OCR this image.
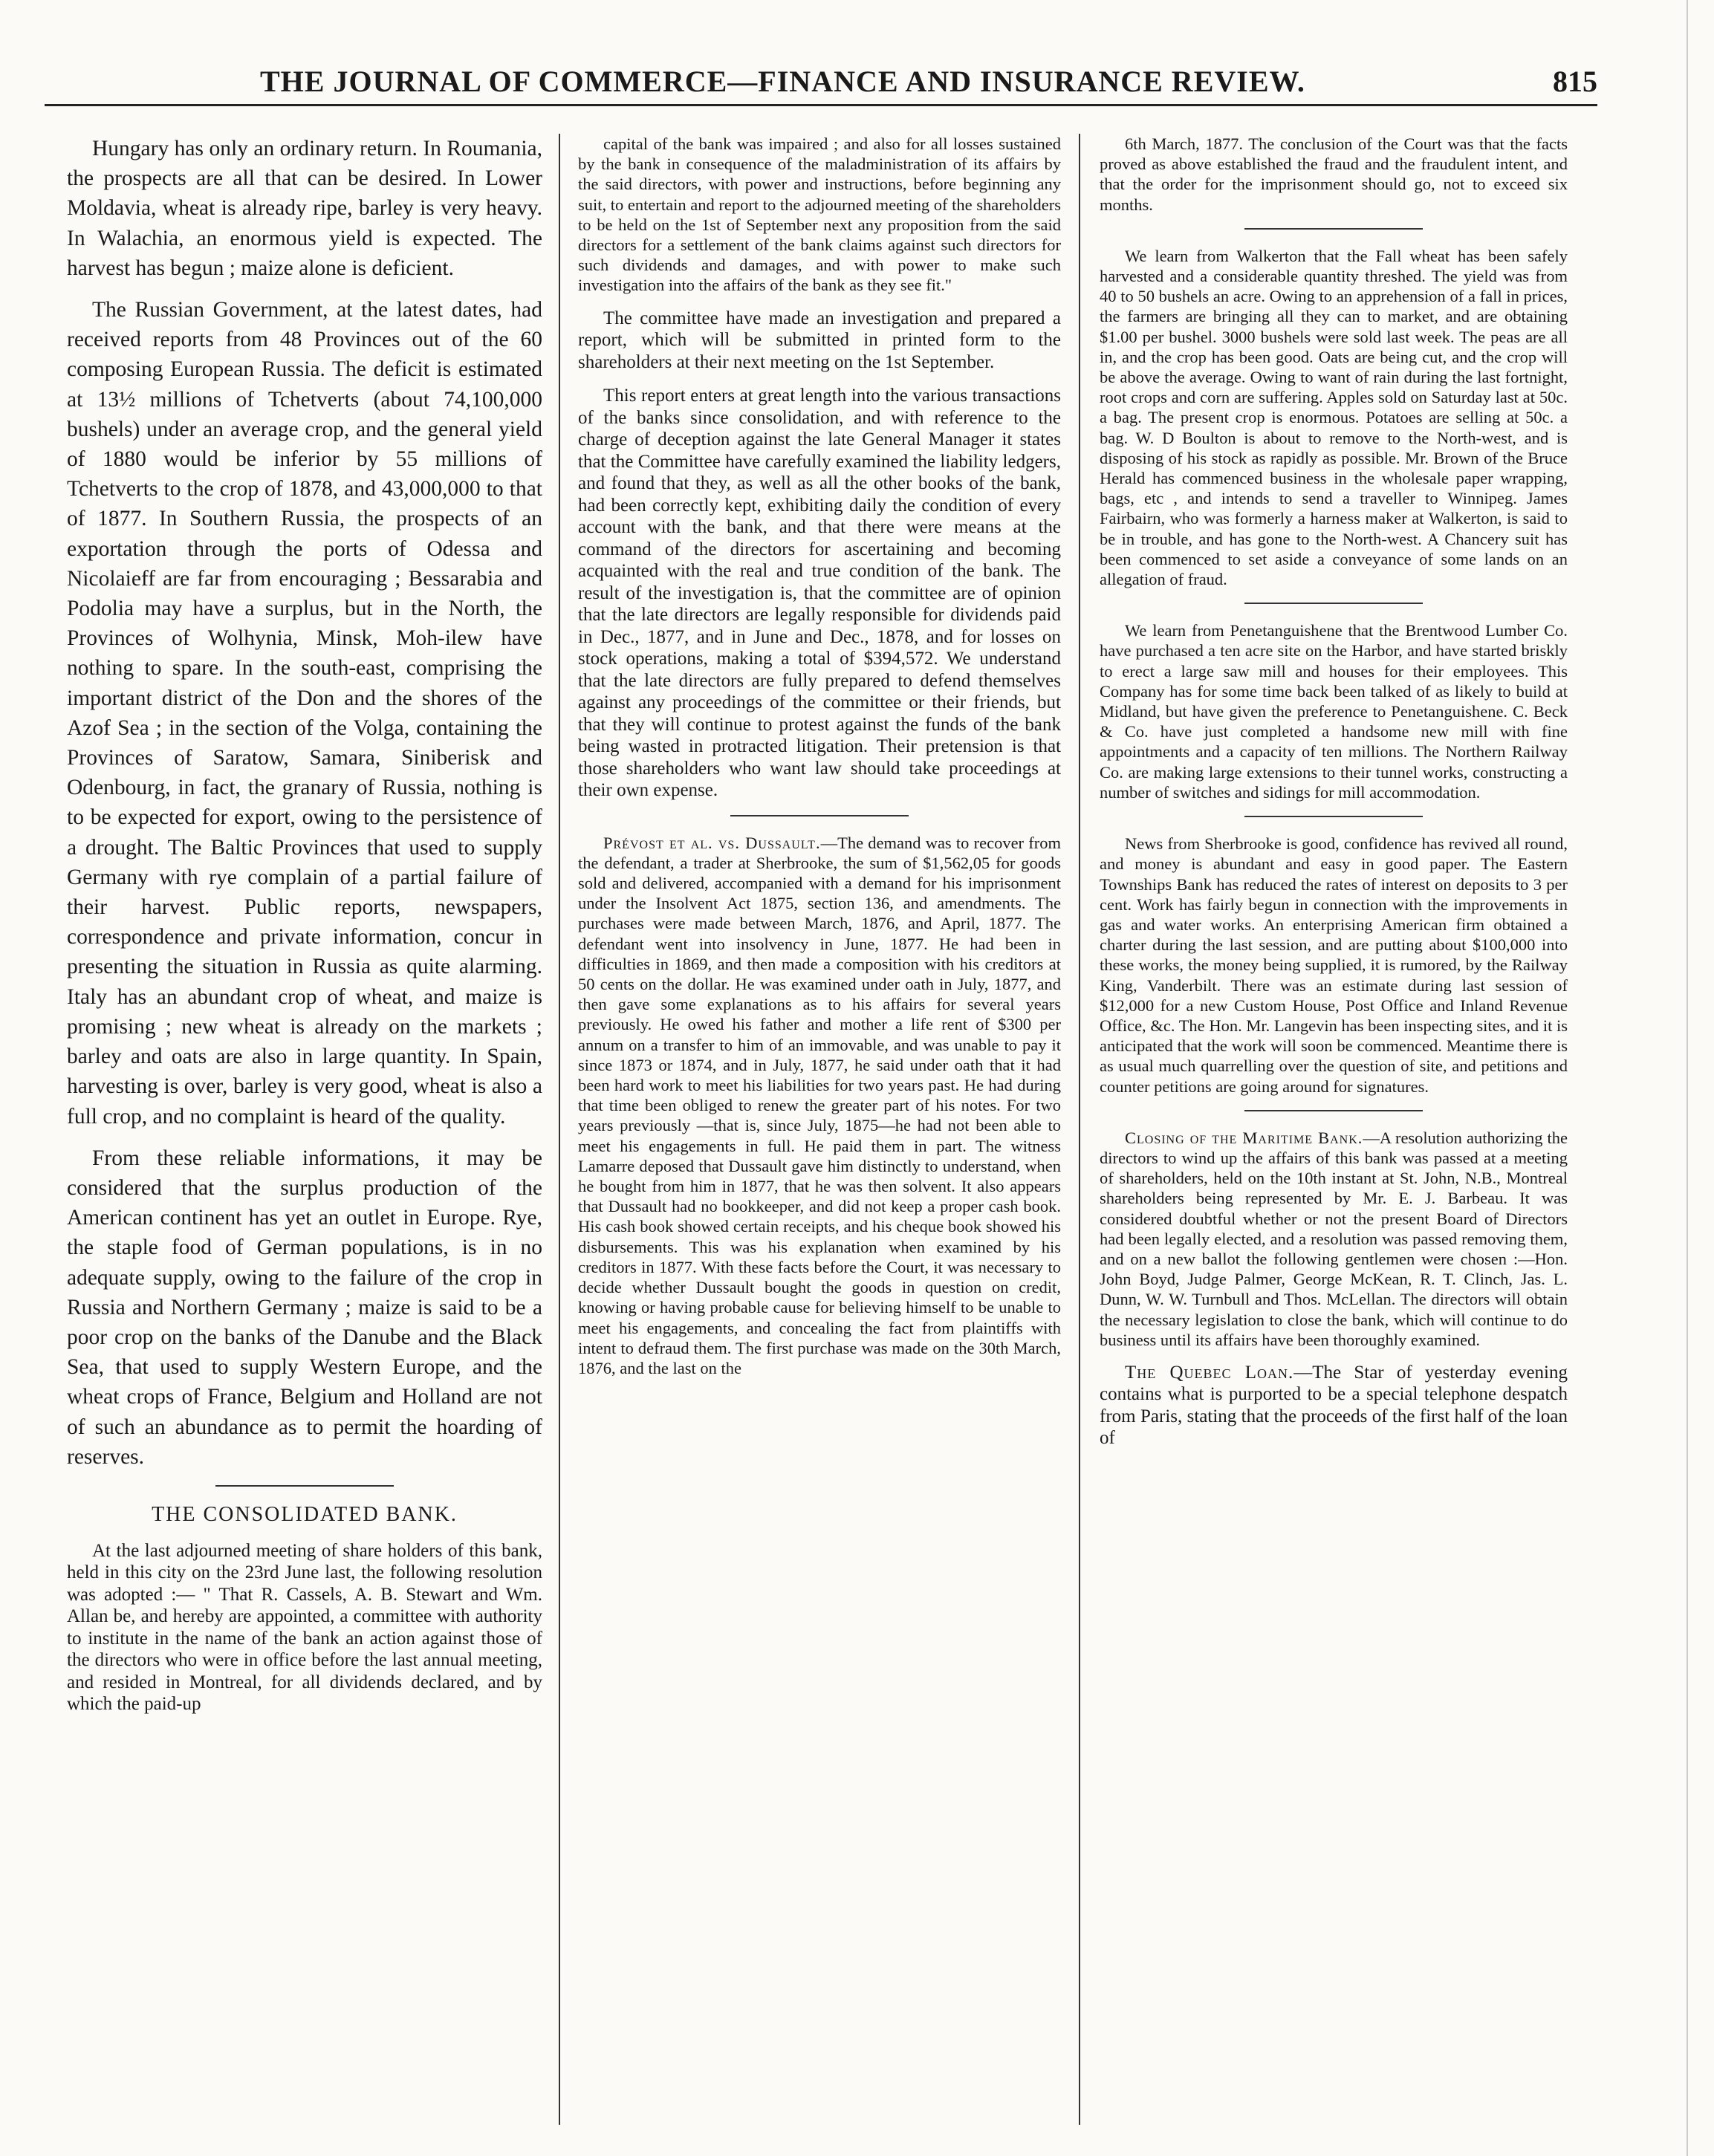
THE JOURNAL OF COMMERCE—FINANCE AND INSURANCE REVIEW.	815

Hungary has only an ordinary return. In Roumania, the prospects are all that can be desired. In Lower Moldavia, wheat is already ripe, barley is very heavy. In Walachia, an enormous yield is expected. The harvest has begun ; maize alone is deficient.

The Russian Government, at the latest dates, had received reports from 48 Provinces out of the 60 composing European Russia. The deficit is estimated at 13½ millions of Tchetverts (about 74,100,000 bushels) under an average crop, and the general yield of 1880 would be inferior by 55 millions of Tchetverts to the crop of 1878, and 43,000,000 to that of 1877. In Southern Russia, the prospects of an exportation through the ports of Odessa and Nicolaieff are far from encouraging ; Bessarabia and Podolia may have a surplus, but in the North, the Provinces of Wolhynia, Minsk, Moh-ilew have nothing to spare. In the south-east, comprising the important district of the Don and the shores of the Azof Sea ; in the section of the Volga, containing the Provinces of Saratow, Samara, Siniberisk and Odenbourg, in fact, the granary of Russia, nothing is to be expected for export, owing to the persistence of a drought. The Baltic Provinces that used to supply Germany with rye complain of a partial failure of their harvest. Public reports, newspapers, correspondence and private information, concur in presenting the situation in Russia as quite alarming. Italy has an abundant crop of wheat, and maize is promising ; new wheat is already on the markets ; barley and oats are also in large quantity. In Spain, harvesting is over, barley is very good, wheat is also a full crop, and no complaint is heard of the quality.

From these reliable informations, it may be considered that the surplus production of the American continent has yet an outlet in Europe. Rye, the staple food of German populations, is in no adequate supply, owing to the failure of the crop in Russia and Northern Germany ; maize is said to be a poor crop on the banks of the Danube and the Black Sea, that used to supply Western Europe, and the wheat crops of France, Belgium and Holland are not of such an abundance as to permit the hoarding of reserves.

THE CONSOLIDATED BANK.

At the last adjourned meeting of share holders of this bank, held in this city on the 23rd June last, the following resolution was adopted :— " That R. Cassels, A. B. Stewart and Wm. Allan be, and hereby are appointed, a committee with authority to institute in the name of the bank an action against those of the directors who were in office before the last annual meeting, and resided in Montreal, for all dividends declared, and by which the paid-up

capital of the bank was impaired ; and also for all losses sustained by the bank in consequence of the maladministration of its affairs by the said directors, with power and instructions, before beginning any suit, to entertain and report to the adjourned meeting of the shareholders to be held on the 1st of September next any proposition from the said directors for a settlement of the bank claims against such directors for such dividends and damages, and with power to make such investigation into the affairs of the bank as they see fit."

The committee have made an investigation and prepared a report, which will be submitted in printed form to the shareholders at their next meeting on the 1st September.

This report enters at great length into the various transactions of the banks since consolidation, and with reference to the charge of deception against the late General Manager it states that the Committee have carefully examined the liability ledgers, and found that they, as well as all the other books of the bank, had been correctly kept, exhibiting daily the condition of every account with the bank, and that there were means at the command of the directors for ascertaining and becoming acquainted with the real and true condition of the bank. The result of the investigation is, that the committee are of opinion that the late directors are legally responsible for dividends paid in Dec., 1877, and in June and Dec., 1878, and for losses on stock operations, making a total of $394,572. We understand that the late directors are fully prepared to defend themselves against any proceedings of the committee or their friends, but that they will continue to protest against the funds of the bank being wasted in protracted litigation. Their pretension is that those shareholders who want law should take proceedings at their own expense.

Prévost et al. vs. Dussault.—The demand was to recover from the defendant, a trader at Sherbrooke, the sum of $1,562,05 for goods sold and delivered, accompanied with a demand for his imprisonment under the Insolvent Act 1875, section 136, and amendments. The purchases were made between March, 1876, and April, 1877. The defendant went into insolvency in June, 1877. He had been in difficulties in 1869, and then made a composition with his creditors at 50 cents on the dollar. He was examined under oath in July, 1877, and then gave some explanations as to his affairs for several years previously. He owed his father and mother a life rent of $300 per annum on a transfer to him of an immovable, and was unable to pay it since 1873 or 1874, and in July, 1877, he said under oath that it had been hard work to meet his liabilities for two years past. He had during that time been obliged to renew the greater part of his notes. For two years previously —that is, since July, 1875—he had not been able to meet his engagements in full. He paid them in part. The witness Lamarre deposed that Dussault gave him distinctly to understand, when he bought from him in 1877, that he was then solvent. It also appears that Dussault had no bookkeeper, and did not keep a proper cash book. His cash book showed certain receipts, and his cheque book showed his disbursements. This was his explanation when examined by his creditors in 1877. With these facts before the Court, it was necessary to decide whether Dussault bought the goods in question on credit, knowing or having probable cause for believing himself to be unable to meet his engagements, and concealing the fact from plaintiffs with intent to defraud them. The first purchase was made on the 30th March, 1876, and the last on the

6th March, 1877. The conclusion of the Court was that the facts proved as above established the fraud and the fraudulent intent, and that the order for the imprisonment should go, not to exceed six months.

We learn from Walkerton that the Fall wheat has been safely harvested and a considerable quantity threshed. The yield was from 40 to 50 bushels an acre. Owing to an apprehension of a fall in prices, the farmers are bringing all they can to market, and are obtaining $1.00 per bushel. 3000 bushels were sold last week. The peas are all in, and the crop has been good. Oats are being cut, and the crop will be above the average. Owing to want of rain during the last fortnight, root crops and corn are suffering. Apples sold on Saturday last at 50c. a bag. The present crop is enormous. Potatoes are selling at 50c. a bag. W. D Boulton is about to remove to the North-west, and is disposing of his stock as rapidly as possible. Mr. Brown of the Bruce Herald has commenced business in the wholesale paper wrapping, bags, etc , and intends to send a traveller to Winnipeg. James Fairbairn, who was formerly a harness maker at Walkerton, is said to be in trouble, and has gone to the North-west. A Chancery suit has been commenced to set aside a conveyance of some lands on an allegation of fraud.

We learn from Penetanguishene that the Brentwood Lumber Co. have purchased a ten acre site on the Harbor, and have started briskly to erect a large saw mill and houses for their employees. This Company has for some time back been talked of as likely to build at Midland, but have given the preference to Penetanguishene. C. Beck & Co. have just completed a handsome new mill with fine appointments and a capacity of ten millions. The Northern Railway Co. are making large extensions to their tunnel works, constructing a number of switches and sidings for mill accommodation.

News from Sherbrooke is good, confidence has revived all round, and money is abundant and easy in good paper. The Eastern Townships Bank has reduced the rates of interest on deposits to 3 per cent. Work has fairly begun in connection with the improvements in gas and water works. An enterprising American firm obtained a charter during the last session, and are putting about $100,000 into these works, the money being supplied, it is rumored, by the Railway King, Vanderbilt. There was an estimate during last session of $12,000 for a new Custom House, Post Office and Inland Revenue Office, &c. The Hon. Mr. Langevin has been inspecting sites, and it is anticipated that the work will soon be commenced. Meantime there is as usual much quarrelling over the question of site, and petitions and counter petitions are going around for signatures.

Closing of the Maritime Bank.—A resolution authorizing the directors to wind up the affairs of this bank was passed at a meeting of shareholders, held on the 10th instant at St. John, N.B., Montreal shareholders being represented by Mr. E. J. Barbeau. It was considered doubtful whether or not the present Board of Directors had been legally elected, and a resolution was passed removing them, and on a new ballot the following gentlemen were chosen :—Hon. John Boyd, Judge Palmer, George McKean, R. T. Clinch, Jas. L. Dunn, W. W. Turnbull and Thos. McLellan. The directors will obtain the necessary legislation to close the bank, which will continue to do business until its affairs have been thoroughly examined.

The Quebec Loan.—The Star of yesterday evening contains what is purported to be a special telephone despatch from Paris, stating that the proceeds of the first half of the loan of
